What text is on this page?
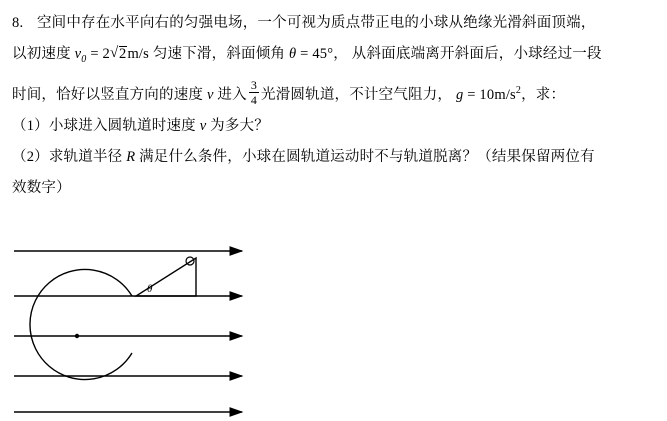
8. 空间中存在水平向右的匀强电场，一个可视为质点带正电的小球从绝缘光滑斜面顶端，
以初速度 $v_0 = 2$ √ 2m/s 匀速下滑，斜面倾角 θ = 45°， 从斜面底端离开斜面后，小球经过一段
时间，恰好以竖直方向的速度 v 进入 $\frac{3}{4}$ 光滑圆轨道，不计空气阻力， $g = 10m/s^2$，求：
（1）小球进入圆轨道时速度 v 为多大？
（2）求轨道半径 R 满足什么条件，小球在圆轨道运动时不与轨道脱离？（结果保留两位有
效数字）
θ
